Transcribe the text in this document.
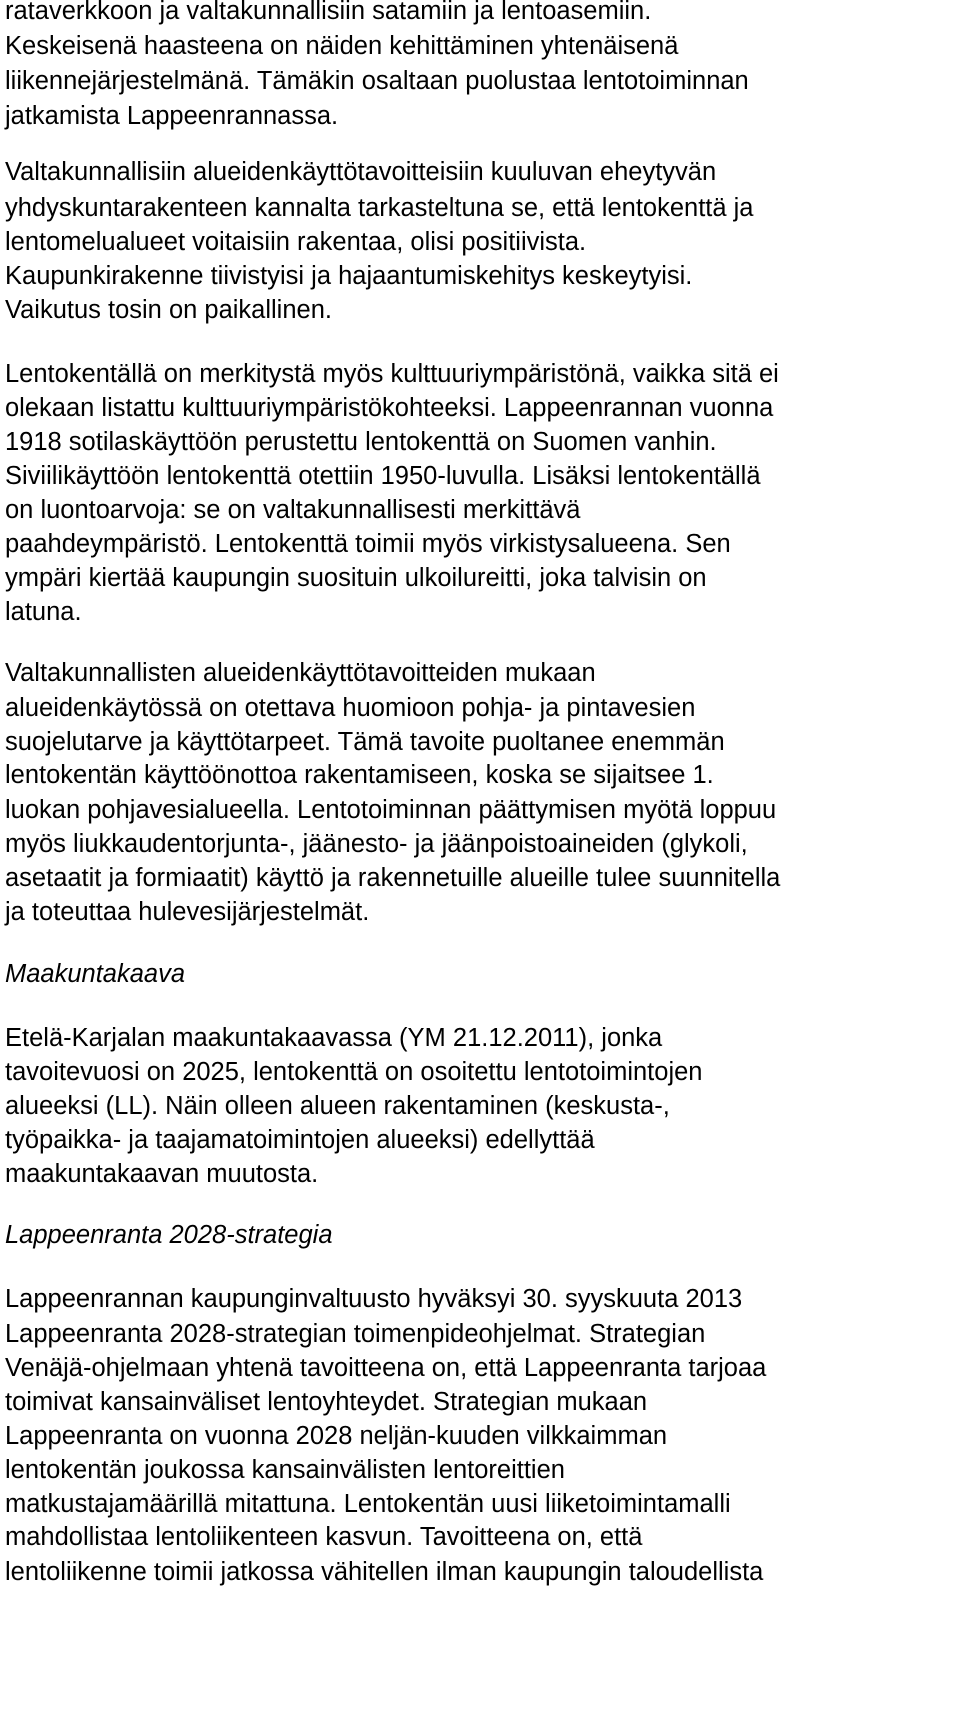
rataverkkoon ja valtakunnallisiin satamiin ja lentoasemiin.
Keskeisenä haasteena on näiden kehittäminen yhtenäisenä
liikennejärjestelmänä. Tämäkin osaltaan puolustaa lentotoiminnan
jatkamista Lappeenrannassa.
Valtakunnallisiin alueidenkäyttötavoitteisiin kuuluvan eheytyvän
yhdyskuntarakenteen kannalta tarkasteltuna se, että lentokenttä ja
lentomelualueet voitaisiin rakentaa, olisi positiivista.
Kaupunkirakenne tiivistyisi ja hajaantumiskehitys keskeytyisi.
Vaikutus tosin on paikallinen.
Lentokentällä on merkitystä myös kulttuuriympäristönä, vaikka sitä ei
olekaan listattu kulttuuriympäristökohteeksi. Lappeenrannan vuonna
1918 sotilaskäyttöön perustettu lentokenttä on Suomen vanhin.
Siviilikäyttöön lentokenttä otettiin 1950-luvulla. Lisäksi lentokentällä
on luontoarvoja: se on valtakunnallisesti merkittävä
paahdeympäristö. Lentokenttä toimii myös virkistysalueena. Sen
ympäri kiertää kaupungin suosituin ulkoilureitti, joka talvisin on
latuna.
Valtakunnallisten alueidenkäyttötavoitteiden mukaan
alueidenkäytössä on otettava huomioon pohja- ja pintavesien
suojelutarve ja käyttötarpeet. Tämä tavoite puoltanee enemmän
lentokentän käyttöönottoa rakentamiseen, koska se sijaitsee 1.
luokan pohjavesialueella. Lentotoiminnan päättymisen myötä loppuu
myös liukkaudentorjunta-, jäänesto- ja jäänpoistoaineiden (glykoli,
asetaatit ja formiaatit) käyttö ja rakennetuille alueille tulee suunnitella
ja toteuttaa hulevesijärjestelmät.
Maakuntakaava
Etelä-Karjalan maakuntakaavassa (YM 21.12.2011), jonka
tavoitevuosi on 2025, lentokenttä on osoitettu lentotoimintojen
alueeksi (LL). Näin olleen alueen rakentaminen (keskusta-,
työpaikka- ja taajamatoimintojen alueeksi) edellyttää
maakuntakaavan muutosta.
Lappeenranta 2028-strategia
Lappeenrannan kaupunginvaltuusto hyväksyi 30. syyskuuta 2013
Lappeenranta 2028-strategian toimenpideohjelmat. Strategian
Venäjä-ohjelmaan yhtenä tavoitteena on, että Lappeenranta tarjoaa
toimivat kansainväliset lentoyhteydet. Strategian mukaan
Lappeenranta on vuonna 2028 neljän-kuuden vilkkaimman
lentokentän joukossa kansainvälisten lentoreittien
matkustajamäärillä mitattuna. Lentokentän uusi liiketoimintamalli
mahdollistaa lentoliikenteen kasvun. Tavoitteena on, että
lentoliikenne toimii jatkossa vähitellen ilman kaupungin taloudellista
